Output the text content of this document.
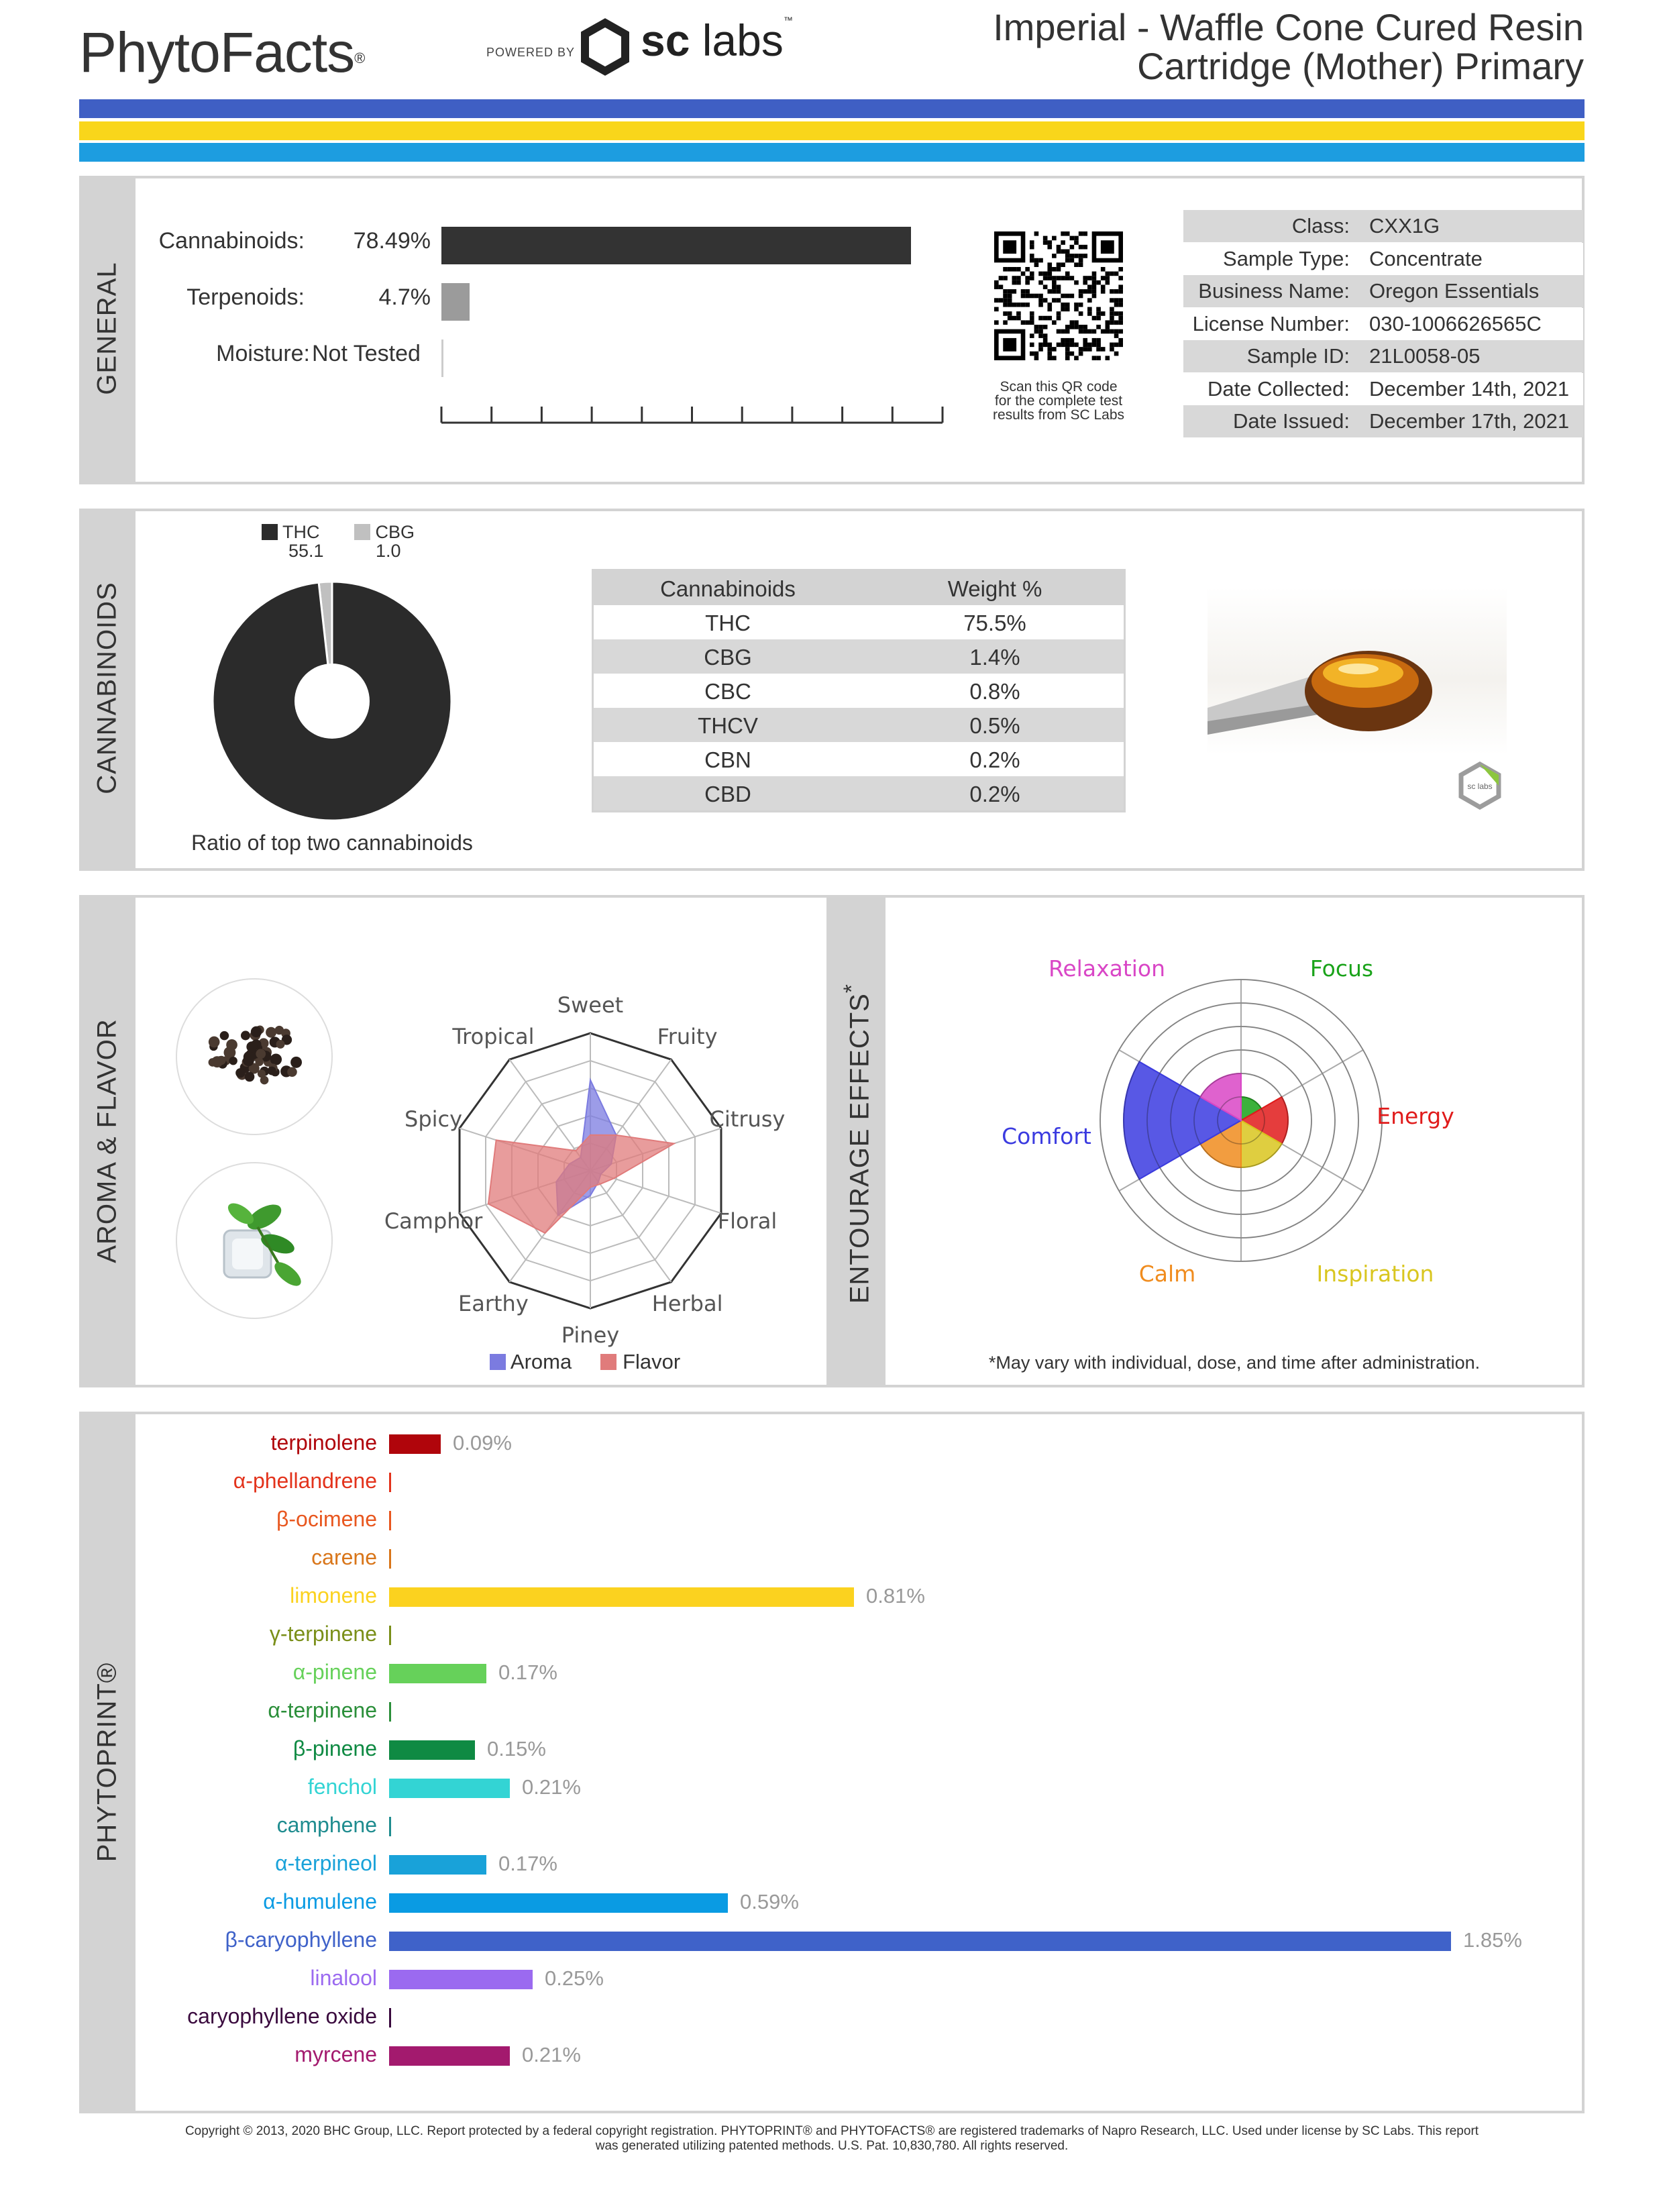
PhytoFacts®	POWERED BY sc labs™	Imperial - Waffle Cone Cured Resin
Cartridge (Mother) Primary
GENERAL
Cannabinoids:	78.49%
Terpenoids:	4.7%
Moisture: Not Tested
Scan this QR code
for the complete test
results from SC Labs
Class: CXX1G
Sample Type: Concentrate
Business Name: Oregon Essentials
License Number: 030-1006626565C
Sample ID: 21L0058-05
Date Collected: December 14th, 2021
Date Issued: December 17th, 2021
CANNABINOIDS
THC
55.1
CBG
1.0
Ratio of top two cannabinoids
Cannabinoids	Weight %
THC	75.5%
CBG	1.4%
CBC	0.8%
THCV	0.5%
CBN	0.2%
CBD	0.2%	sc labs
AROMA & FLAVOR
Sweet
Fruity
Citrusy
Floral
Herbal
Piney
Earthy
Camphor
Spicy
Tropical
Aroma Flavor
ENTOURAGE EFFECTS*
Focus
Energy
Inspiration
Calm
Comfort
Relaxation
*May vary with individual, dose, and time after administration.
PHYTOPRINT®
terpinolene	0.09%
α-phellandrene
β-ocimene
carene
limonene	0.81%
γ-terpinene
α-pinene	0.17%
α-terpinene
β-pinene	0.15%
fenchol	0.21%
camphene
α-terpineol	0.17%
α-humulene	0.59%
β-caryophyllene	1.85%
linalool	0.25%
caryophyllene oxide
myrcene	0.21%
Copyright © 2013, 2020 BHC Group, LLC. Report protected by a federal copyright registration. PHYTOPRINT® and PHYTOFACTS® are registered trademarks of Napro Research, LLC. Used under license by SC Labs. This report
was generated utilizing patented methods. U.S. Pat. 10,830,780. All rights reserved.
